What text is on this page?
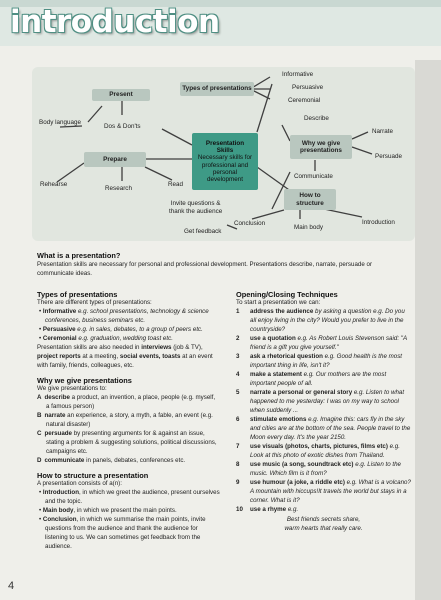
introduction
Present
Types of presentations
Informative
Persuasive
Ceremonial
Body language
Dos & Don'ts
Presentation
Skills
Necessary skills for
professional and
personal
development
Describe
Narrate
Why we give
presentations
Persuade
Prepare
Rehearse
Research
Read
Communicate
How to
structure
Invite questions &
thank the audience
Conclusion
Main body
Introduction
Get feedback
What is a presentation?
Presentation skills are necessary for personal and professional development. Presentations describe, narrate, persuade or communicate ideas.
Types of presentations
There are different types of presentations:
• Informative e.g. school presentations, technology & science conferences, business seminars etc.
• Persuasive e.g. in sales, debates, to a group of peers etc.
• Ceremonial e.g. graduation, wedding toast etc.
Presentation skills are also needed in interviews (job & TV), project reports at a meeting, social events, toasts at an event with family, friends, colleagues, etc.
Why we give presentations
We give presentations to:
A describe a product, an invention, a place, people (e.g. myself, a famous person)
B narrate an experience, a story, a myth, a fable, an event (e.g. natural disaster)
C persuade by presenting arguments for & against an issue, stating a problem & suggesting solutions, political discussions, campaigns etc.
D communicate in panels, debates, conferences etc.
How to structure a presentation
A presentation consists of a(n):
• Introduction, in which we greet the audience, present ourselves and the topic.
• Main body, in which we present the main points.
• Conclusion, in which we summarise the main points, invite questions from the audience and thank the audience for listening to us. We can sometimes get feedback from the audience.
Opening/Closing Techniques
To start a presentation we can:
1 address the audience by asking a question e.g. Do you all enjoy living in the city? Would you prefer to live in the countryside?
2 use a quotation e.g. As Robert Louis Stevenson said: "A friend is a gift you give yourself."
3 ask a rhetorical question e.g. Good health is the most important thing in life, isn't it?
4 make a statement e.g. Our mothers are the most important people of all.
5 narrate a personal or general story e.g. Listen to what happened to me yesterday: I was on my way to school when suddenly ...
6 stimulate emotions e.g. Imagine this: cars fly in the sky and cities are at the bottom of the sea. People travel to the Moon every day. It's the year 2150.
7 use visuals (photos, charts, pictures, films etc) e.g. Look at this photo of exotic dishes from Thailand.
8 use music (a song, soundtrack etc) e.g. Listen to the music. Which film is it from?
9 use humour (a joke, a riddle etc) e.g. What is a volcano? A mountain with hiccups!It travels the world but stays in a corner. What is it?
10 use a rhyme e.g.
Best friends secrets share,
warm hearts that really care.
4
